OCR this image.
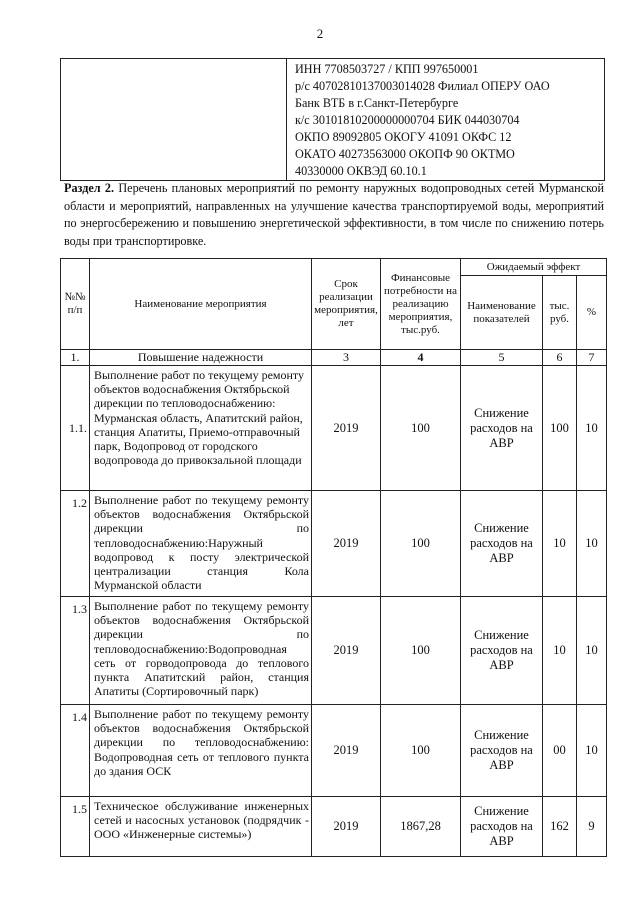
2

ИНН 7708503727 / КПП 997650001
р/с 40702810137003014028 Филиал ОПЕРУ ОАО
Банк ВТБ в г.Санкт-Петербурге
к/с 30101810200000000704 БИК 044030704
ОКПО 89092805 ОКОГУ 41091 ОКФС 12
ОКАТО 40273563000 ОКОПФ 90 ОКТМО
40330000 ОКВЭД 60.10.1
Раздел 2. Перечень плановых мероприятий по ремонту наружных водопроводных сетей Мурманской области и мероприятий, направленных на улучшение качества транспортируемой воды, мероприятий по энергосбережению и повышению энергетической эффективности, в том числе по снижению потерь воды при транспортировке.
№№ п/п	Наименование мероприятия	Срок реализации мероприятия, лет	Финансовые потребности на реализацию мероприятия, тыс.руб.	Ожидаемый эффект		
				Наименование показателей	тыс. руб.	%
1.	Повышение надежности	3	4	5	6	7
1.1.	Выполнение работ по текущему ремонту объектов водоснабжения Октябрьской дирекции по тепловодоснабжению: Мурманская область, Апатитский район, станция Апатиты, Приемо-отправочный парк, Водопровод от городского водопровода до привокзальной площади	2019	100	Снижение расходов на АВР	100	10
1.2	Выполнение работ по текущему ремонту объектов водоснабжения Октябрьской дирекции по тепловодоснабжению:Наружный водопровод к посту электрической централизации станция Кола Мурманской области	2019	100	Снижение расходов на АВР	10	10
1.3	Выполнение работ по текущему ремонту объектов водоснабжения Октябрьской дирекции по тепловодоснабжению:Водопроводная сеть от горводопровода до теплового пункта Апатитский район, станция Апатиты (Сортировочный парк)	2019	100	Снижение расходов на АВР	10	10
1.4	Выполнение работ по текущему ремонту объектов водоснабжения Октябрьской дирекции по тепловодоснабжению: Водопроводная сеть от теплового пункта до здания ОСК	2019	100	Снижение расходов на АВР	00	10
1.5	Техническое обслуживание инженерных сетей и насосных установок (подрядчик - ООО «Инженерные системы»)	2019	1867,28	Снижение расходов на АВР	162	9
